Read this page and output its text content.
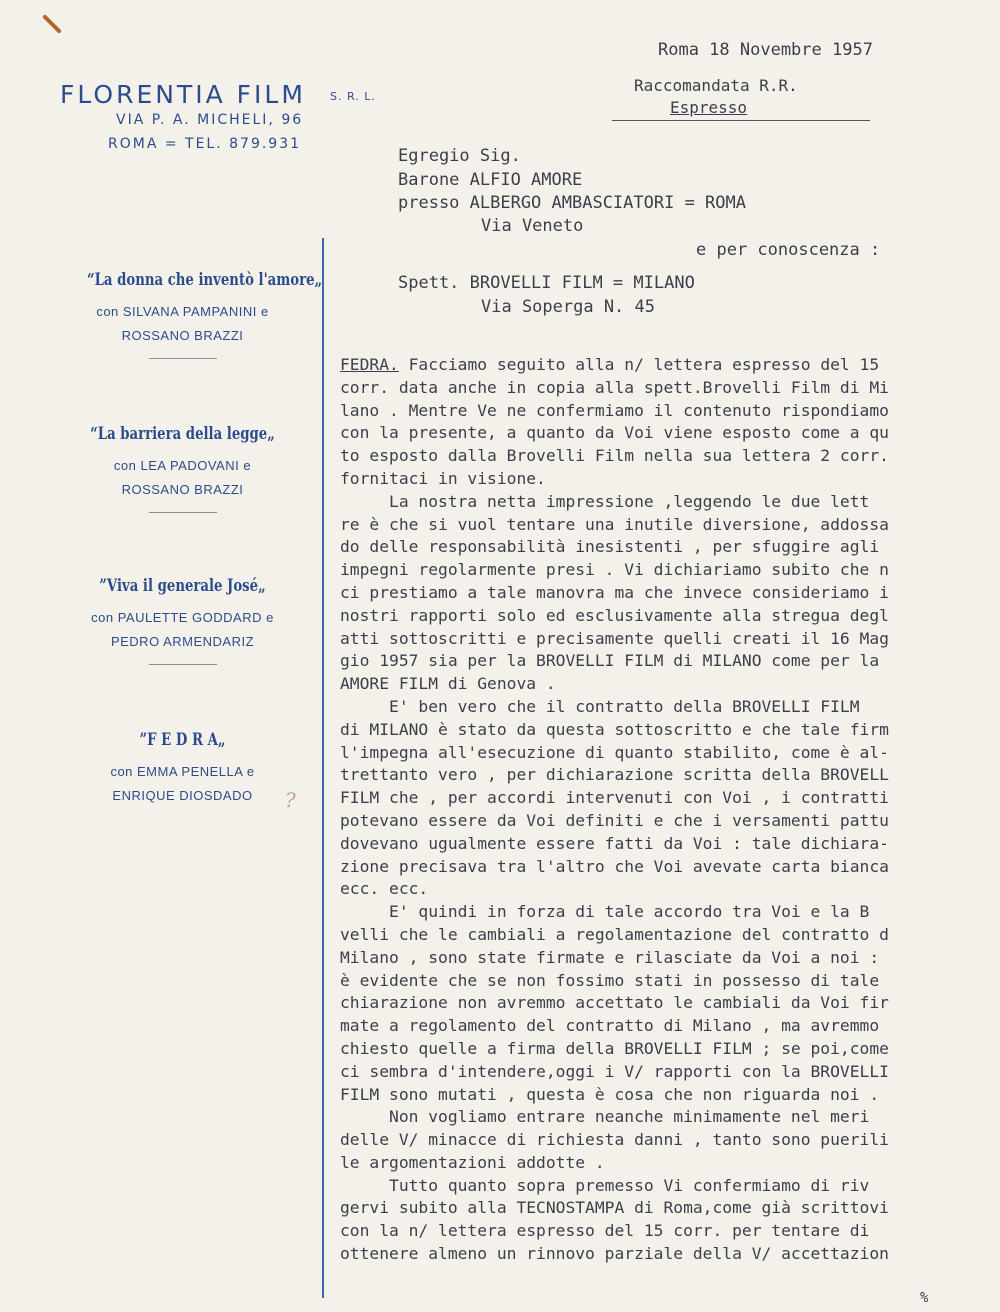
FLORENTIA FILM S. R. L.
VIA P. A. MICHELI, 96
ROMA = TEL. 879.931
“La donna che inventò l'amore„
con SILVANA PAMPANINI e
ROSSANO BRAZZI
“La barriera della legge„
con LEA PADOVANI e
ROSSANO BRAZZI
”Viva il generale José„
con PAULETTE GODDARD e
PEDRO ARMENDARIZ
”F E D R A„
con EMMA PENELLA e
ENRIQUE DIOSDADO
Roma 18 Novembre 1957
Raccomandata R.R.
Espresso
Egregio Sig.
Barone ALFIO AMORE
presso ALBERGO AMBASCIATORI = ROMA
Via Veneto
e per conoscenza :
Spett. BROVELLI FILM = MILANO
Via Soperga N. 45
FEDRA. Facciamo seguito alla n/ lettera espresso del 15
corr. data anche in copia alla spett.Brovelli Film di Mi
lano . Mentre Ve ne confermiamo il contenuto rispondiamo
con la presente, a quanto da Voi viene esposto come a qu
to esposto dalla Brovelli Film nella sua lettera 2 corr.
fornitaci in visione.
La nostra netta impressione ,leggendo le due lett
re è che si vuol tentare una inutile diversione, addossa
do delle responsabilità inesistenti , per sfuggire agli
impegni regolarmente presi . Vi dichiariamo subito che n
ci prestiamo a tale manovra ma che invece consideriamo i
nostri rapporti solo ed esclusivamente alla stregua degl
atti sottoscritti e precisamente quelli creati il 16 Mag
gio 1957 sia per la BROVELLI FILM di MILANO come per la
AMORE FILM di Genova .
E' ben vero che il contratto della BROVELLI FILM
di MILANO è stato da questa sottoscritto e che tale firm
l'impegna all'esecuzione di quanto stabilito, come è al-
trettanto vero , per dichiarazione scritta della BROVELL
FILM che , per accordi intervenuti con Voi , i contratti
potevano essere da Voi definiti e che i versamenti pattu
dovevano ugualmente essere fatti da Voi : tale dichiara-
zione precisava tra l'altro che Voi avevate carta bianca
ecc. ecc.
E' quindi in forza di tale accordo tra Voi e la B
velli che le cambiali a regolamentazione del contratto d
Milano , sono state firmate e rilasciate da Voi a noi :
è evidente che se non fossimo stati in possesso di tale
chiarazione non avremmo accettato le cambiali da Voi fir
mate a regolamento del contratto di Milano , ma avremmo
chiesto quelle a firma della BROVELLI FILM ; se poi,come
ci sembra d'intendere,oggi i V/ rapporti con la BROVELLI
FILM sono mutati , questa è cosa che non riguarda noi .
Non vogliamo entrare neanche minimamente nel meri
delle V/ minacce di richiesta danni , tanto sono puerili
le argomentazioni addotte .
Tutto quanto sopra premesso Vi confermiamo di riv
gervi subito alla TECNOSTAMPA di Roma,come già scrittovi
con la n/ lettera espresso del 15 corr. per tentare di
ottenere almeno un rinnovo parziale della V/ accettazion
?
%
